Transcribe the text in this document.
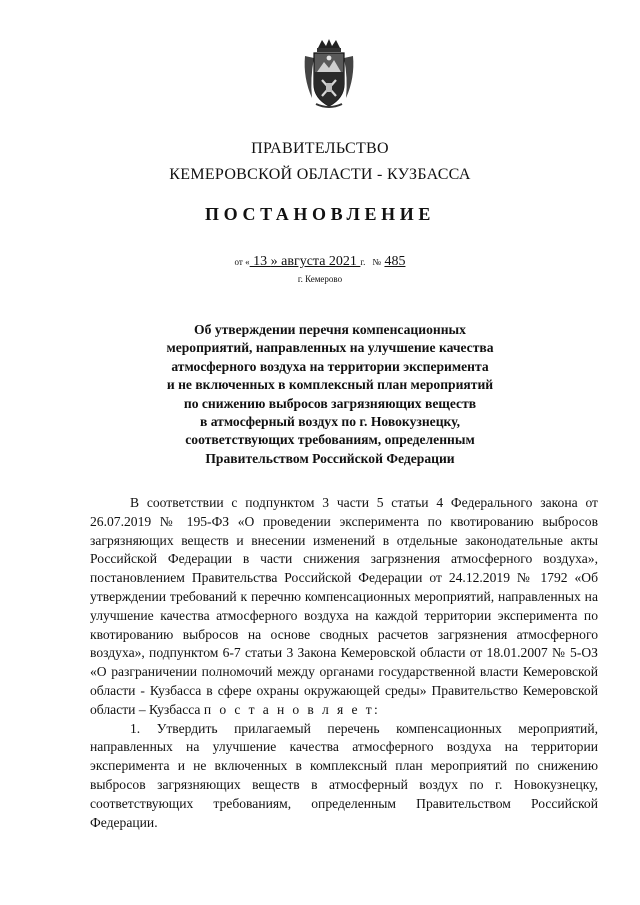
ПРАВИТЕЛЬСТВО
КЕМЕРОВСКОЙ ОБЛАСТИ - КУЗБАССА
ПОСТАНОВЛЕНИЕ
от « 13 » августа 2021 г. № 485
г. Кемерово
Об утверждении перечня компенсационных
мероприятий, направленных на улучшение качества
атмосферного воздуха на территории эксперимента
и не включенных в комплексный план мероприятий
по снижению выбросов загрязняющих веществ
в атмосферный воздух по г. Новокузнецку,
соответствующих требованиям, определенным
Правительством Российской Федерации

В соответствии с подпунктом 3 части 5 статьи 4 Федерального закона от 26.07.2019 № 195-ФЗ «О проведении эксперимента по квотированию выбросов загрязняющих веществ и внесении изменений в отдельные законодательные акты Российской Федерации в части снижения загрязнения атмосферного воздуха», постановлением Правительства Российской Федерации от 24.12.2019 № 1792 «Об утверждении требований к перечню компенсационных мероприятий, направленных на улучшение качества атмосферного воздуха на каждой территории эксперимента по квотированию выбросов на основе сводных расчетов загрязнения атмосферного воздуха», подпунктом 6-7 статьи 3 Закона Кемеровской области от 18.01.2007 № 5-ОЗ «О разграничении полномочий между органами государственной власти Кемеровской области - Кузбасса в сфере охраны окружающей среды» Правительство Кемеровской области – Кузбасса п о с т а н о в л я е т:

1. Утвердить прилагаемый перечень компенсационных мероприятий, направленных на улучшение качества атмосферного воздуха на территории эксперимента и не включенных в комплексный план мероприятий по снижению выбросов загрязняющих веществ в атмосферный воздух по г. Новокузнецку, соответствующих требованиям, определенным Правительством Российской Федерации.
